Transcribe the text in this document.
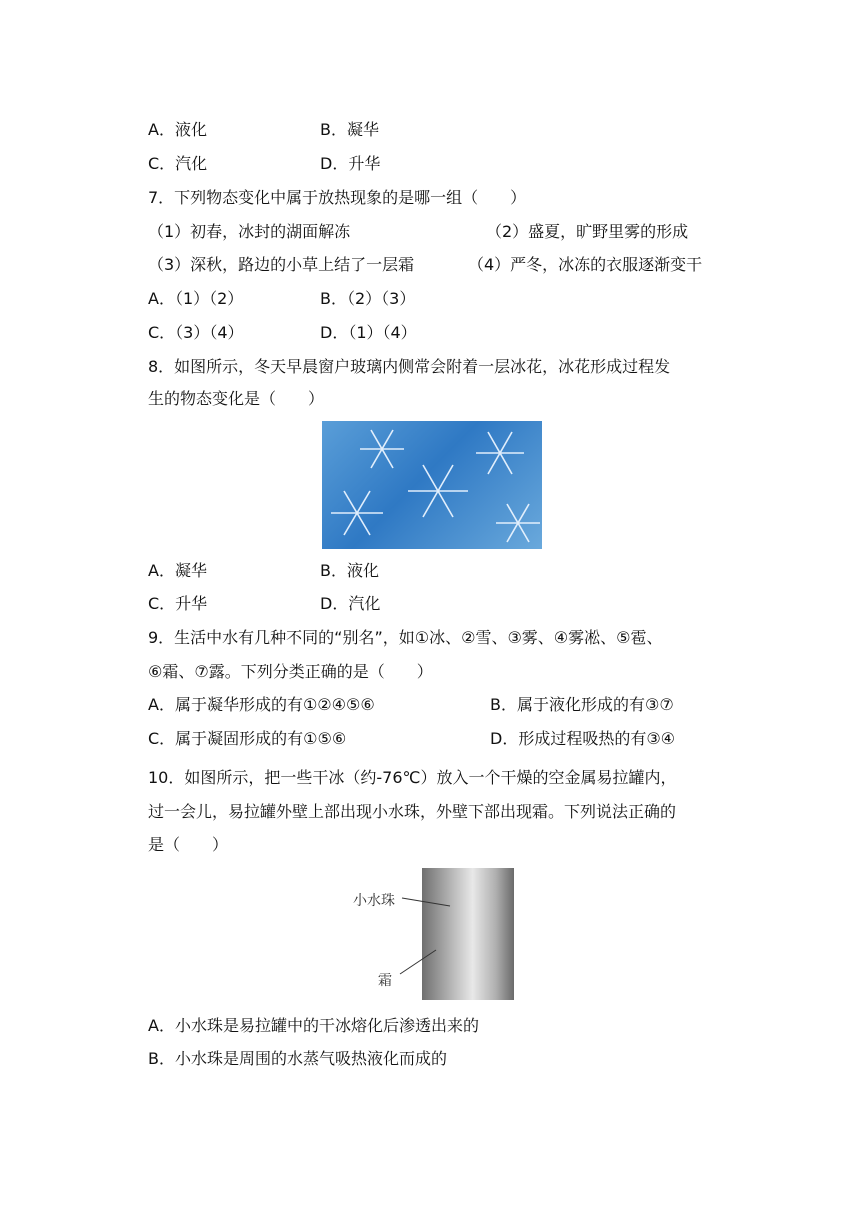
A．液化	B．凝华
C．汽化	D．升华
7．下列物态变化中属于放热现象的是哪一组（　　）
（1）初春，冰封的湖面解冻	（2）盛夏，旷野里雾的形成
（3）深秋，路边的小草上结了一层霜	（4）严冬，冰冻的衣服逐渐变干
A．（1）（2）	B．（2）（3）
C．（3）（4）	D．（1）（4）
8．如图所示，冬天早晨窗户玻璃内侧常会附着一层冰花，冰花形成过程发
生的物态变化是（　　）
A．凝华	B．液化
C．升华	D．汽化
9．生活中水有几种不同的“别名”，如①冰、②雪、③雾、④雾凇、⑤雹、
⑥霜、⑦露。下列分类正确的是（　　）
A．属于凝华形成的有①②④⑤⑥	B．属于液化形成的有③⑦
C．属于凝固形成的有①⑤⑥	D．形成过程吸热的有③④
10．如图所示，把一些干冰（约-76℃）放入一个干燥的空金属易拉罐内，
过一会儿，易拉罐外壁上部出现小水珠，外壁下部出现霜。下列说法正确的
是（　　）
小水珠
霜
A．小水珠是易拉罐中的干冰熔化后渗透出来的
B．小水珠是周围的水蒸气吸热液化而成的
